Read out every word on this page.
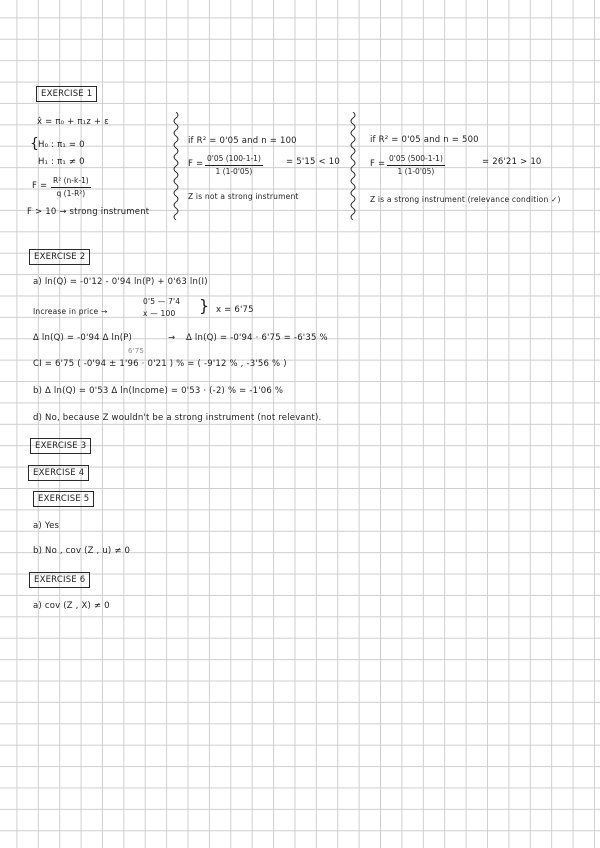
EXERCISE 1
x̂ = π₀ + π₁z + ε
{
H₀ : π₁ = 0
H₁ : π₁ ≠ 0
$F = \frac{\text{R² (n-k-1)}}{\text{q (1-R²)}}$
F > 10 → strong instrument
if R² = 0'05 and n = 100
$F = \frac{0'05 (100-1-1)}{1 (1-0'05)}$	= 5'15 < 10
Z is not a strong instrument
if R² = 0'05 and n = 500
$F = \frac{0'05 (500-1-1)}{1 (1-0'05)}$	= 26'21 > 10
Z is a strong instrument (relevance condition ✓)
EXERCISE 2
a) ln(Q) = -0'12 - 0'94 ln(P) + 0'63 ln(I)
Increase in price →
0'5 — 7'4
x — 100 } x = 6'75
Δ ln(Q) = -0'94 Δ ln(P)
6'75
→ Δ ln(Q) = -0'94 · 6'75 = -6'35 %
CI = 6'75 ( -0'94 ± 1'96 · 0'21 ) % = ( -9'12 % , -3'56 % )
b) Δ ln(Q) = 0'53 Δ ln(Income) = 0'53 · (-2) % = -1'06 %
d) No, because Z wouldn't be a strong instrument (not relevant).
EXERCISE 3
EXERCISE 4
EXERCISE 5
a) Yes
b) No , cov (Z , u) ≠ 0
EXERCISE 6
a) cov (Z , X) ≠ 0
